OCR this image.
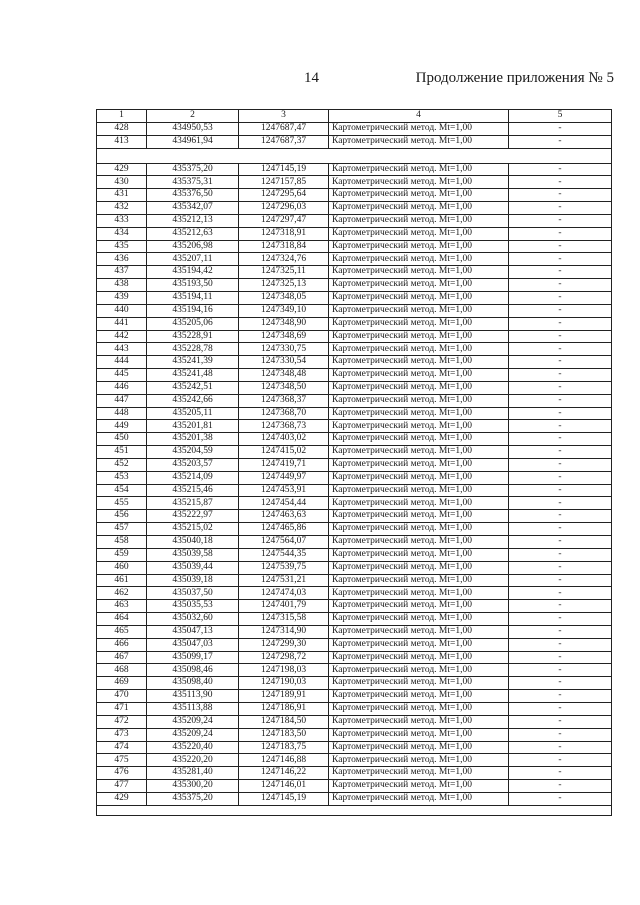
14	Продолжение приложения № 5
1	2	3	4	5
428	434950,53	1247687,47	Картометрический метод. Mt=1,00	-
413	434961,94	1247687,37	Картометрический метод. Mt=1,00	-

429	435375,20	1247145,19	Картометрический метод. Mt=1,00	-
430	435375,31	1247157,85	Картометрический метод. Mt=1,00	-
431	435376,50	1247295,64	Картометрический метод. Mt=1,00	-
432	435342,07	1247296,03	Картометрический метод. Mt=1,00	-
433	435212,13	1247297,47	Картометрический метод. Mt=1,00	-
434	435212,63	1247318,91	Картометрический метод. Mt=1,00	-
435	435206,98	1247318,84	Картометрический метод. Mt=1,00	-
436	435207,11	1247324,76	Картометрический метод. Mt=1,00	-
437	435194,42	1247325,11	Картометрический метод. Mt=1,00	-
438	435193,50	1247325,13	Картометрический метод. Mt=1,00	-
439	435194,11	1247348,05	Картометрический метод. Mt=1,00	-
440	435194,16	1247349,10	Картометрический метод. Mt=1,00	-
441	435205,06	1247348,90	Картометрический метод. Mt=1,00	-
442	435228,91	1247348,69	Картометрический метод. Mt=1,00	-
443	435228,78	1247330,75	Картометрический метод. Mt=1,00	-
444	435241,39	1247330,54	Картометрический метод. Mt=1,00	-
445	435241,48	1247348,48	Картометрический метод. Mt=1,00	-
446	435242,51	1247348,50	Картометрический метод. Mt=1,00	-
447	435242,66	1247368,37	Картометрический метод. Mt=1,00	-
448	435205,11	1247368,70	Картометрический метод. Mt=1,00	-
449	435201,81	1247368,73	Картометрический метод. Mt=1,00	-
450	435201,38	1247403,02	Картометрический метод. Mt=1,00	-
451	435204,59	1247415,02	Картометрический метод. Mt=1,00	-
452	435203,57	1247419,71	Картометрический метод. Mt=1,00	-
453	435214,09	1247449,97	Картометрический метод. Mt=1,00	-
454	435215,46	1247453,91	Картометрический метод. Mt=1,00	-
455	435215,87	1247454,44	Картометрический метод. Mt=1,00	-
456	435222,97	1247463,63	Картометрический метод. Mt=1,00	-
457	435215,02	1247465,86	Картометрический метод. Mt=1,00	-
458	435040,18	1247564,07	Картометрический метод. Mt=1,00	-
459	435039,58	1247544,35	Картометрический метод. Mt=1,00	-
460	435039,44	1247539,75	Картометрический метод. Mt=1,00	-
461	435039,18	1247531,21	Картометрический метод. Mt=1,00	-
462	435037,50	1247474,03	Картометрический метод. Mt=1,00	-
463	435035,53	1247401,79	Картометрический метод. Mt=1,00	-
464	435032,60	1247315,58	Картометрический метод. Mt=1,00	-
465	435047,13	1247314,90	Картометрический метод. Mt=1,00	-
466	435047,03	1247299,30	Картометрический метод. Mt=1,00	-
467	435099,17	1247298,72	Картометрический метод. Mt=1,00	-
468	435098,46	1247198,03	Картометрический метод. Mt=1,00	-
469	435098,40	1247190,03	Картометрический метод. Mt=1,00	-
470	435113,90	1247189,91	Картометрический метод. Mt=1,00	-
471	435113,88	1247186,91	Картометрический метод. Mt=1,00	-
472	435209,24	1247184,50	Картометрический метод. Mt=1,00	-
473	435209,24	1247183,50	Картометрический метод. Mt=1,00	-
474	435220,40	1247183,75	Картометрический метод. Mt=1,00	-
475	435220,20	1247146,88	Картометрический метод. Mt=1,00	-
476	435281,40	1247146,22	Картометрический метод. Mt=1,00	-
477	435300,20	1247146,01	Картометрический метод. Mt=1,00	-
429	435375,20	1247145,19	Картометрический метод. Mt=1,00	-
